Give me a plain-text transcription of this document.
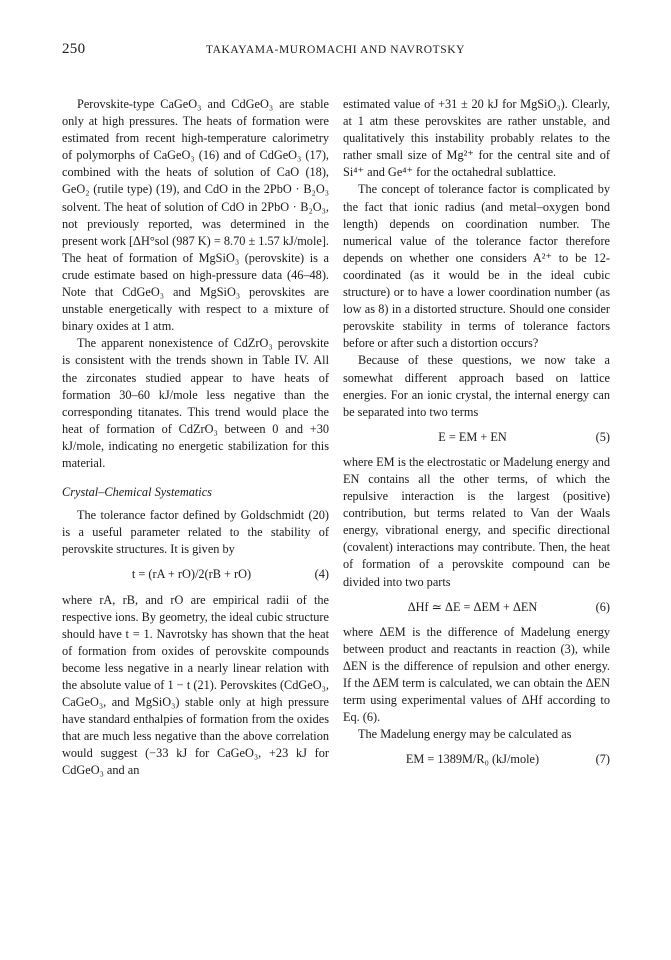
250	TAKAYAMA-MUROMACHI AND NAVROTSKY

Perovskite-type CaGeO₃ and CdGeO₃ are stable only at high pressures. The heats of formation were estimated from recent high-temperature calorimetry of polymorphs of CaGeO₃ (16) and of CdGeO₃ (17), combined with the heats of solution of CaO (18), GeO₂ (rutile type) (19), and CdO in the 2PbO · B₂O₃ solvent. The heat of solution of CdO in 2PbO · B₂O₃, not previously reported, was determined in the present work [ΔH°sol (987 K) = 8.70 ± 1.57 kJ/mole]. The heat of formation of MgSiO₃ (perovskite) is a crude estimate based on high-pressure data (46–48). Note that CdGeO₃ and MgSiO₃ perovskites are unstable energetically with respect to a mixture of binary oxides at 1 atm.

The apparent nonexistence of CdZrO₃ perovskite is consistent with the trends shown in Table IV. All the zirconates studied appear to have heats of formation 30–60 kJ/mole less negative than the corresponding titanates. This trend would place the heat of formation of CdZrO₃ between 0 and +30 kJ/mole, indicating no energetic stabilization for this material.

Crystal–Chemical Systematics

The tolerance factor defined by Goldschmidt (20) is a useful parameter related to the stability of perovskite structures. It is given by

t = (rA + rO)/2(rB + rO)	(4)

where rA, rB, and rO are empirical radii of the respective ions. By geometry, the ideal cubic structure should have t = 1. Navrotsky has shown that the heat of formation from oxides of perovskite compounds become less negative in a nearly linear relation with the absolute value of 1 − t (21). Perovskites (CdGeO₃, CaGeO₃, and MgSiO₃) stable only at high pressure have standard enthalpies of formation from the oxides that are much less negative than the above correlation would suggest (−33 kJ for CaGeO₃, +23 kJ for CdGeO₃ and an

estimated value of +31 ± 20 kJ for MgSiO₃). Clearly, at 1 atm these perovskites are rather unstable, and qualitatively this instability probably relates to the rather small size of Mg²⁺ for the central site and of Si⁴⁺ and Ge⁴⁺ for the octahedral sublattice.

The concept of tolerance factor is complicated by the fact that ionic radius (and metal–oxygen bond length) depends on coordination number. The numerical value of the tolerance factor therefore depends on whether one considers A²⁺ to be 12-coordinated (as it would be in the ideal cubic structure) or to have a lower coordination number (as low as 8) in a distorted structure. Should one consider perovskite stability in terms of tolerance factors before or after such a distortion occurs?

Because of these questions, we now take a somewhat different approach based on lattice energies. For an ionic crystal, the internal energy can be separated into two terms

E = EM + EN	(5)

where EM is the electrostatic or Madelung energy and EN contains all the other terms, of which the repulsive interaction is the largest (positive) contribution, but terms related to Van der Waals energy, vibrational energy, and specific directional (covalent) interactions may contribute. Then, the heat of formation of a perovskite compound can be divided into two parts

ΔHf ≃ ΔE = ΔEM + ΔEN	(6)

where ΔEM is the difference of Madelung energy between product and reactants in reaction (3), while ΔEN is the difference of repulsion and other energy. If the ΔEM term is calculated, we can obtain the ΔEN term using experimental values of ΔHf according to Eq. (6).

The Madelung energy may be calculated as

EM = 1389M/R₀ (kJ/mole)	(7)
